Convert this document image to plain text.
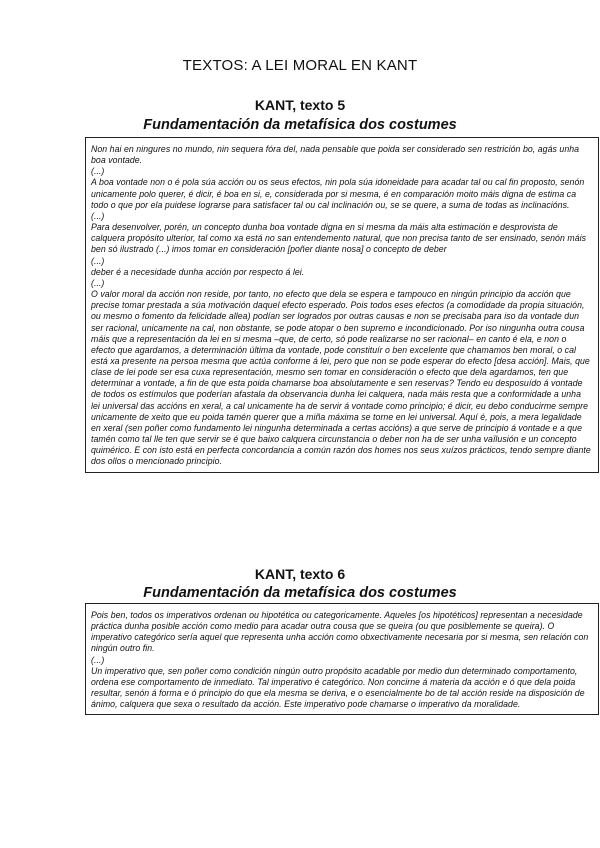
TEXTOS: A LEI MORAL EN KANT
KANT, texto 5
Fundamentación da metafísica dos costumes

Non hai en ningures no mundo, nin sequera fóra del, nada pensable que poida ser considerado sen restrición bo, agás unha boa vontade.

(...)

A boa vontade non o é pola súa acción ou os seus efectos, nin pola súa idoneidade para acadar tal ou cal fin proposto, senón unicamente polo querer, é dicir, é boa en si, e, considerada por si mesma, é en comparación moito máis digna de estima ca todo o que por ela puidese lograrse para satisfacer tal ou cal inclinación ou, se se quere, a suma de todas as inclinacións.

(...)

Para desenvolver, porén, un concepto dunha boa vontade digna en si mesma da máis alta estimación e desprovista de calquera propósito ulterior, tal como xa está no san entendemento natural, que non precisa tanto de ser ensinado, senón máis ben só ilustrado (...) imos tomar en consideración [poñer diante nosa] o concepto de deber

(...)

deber é a necesidade dunha acción por respecto á lei.

(...)

O valor moral da acción non reside, por tanto, no efecto que dela se espera e tampouco en ningún principio da acción que precise tomar prestada a súa motivación daquel efecto esperado. Pois todos eses efectos (a comodidade da propia situación, ou mesmo o fomento da felicidade allea) podían ser logrados por outras causas e non se precisaba para iso da vontade dun ser racional, unicamente na cal, non obstante, se pode atopar o ben supremo e incondicionado. Por iso ningunha outra cousa máis que a representación da lei en si mesma –que, de certo, só pode realizarse no ser racional– en canto é ela, e non o efecto que agardamos, a determinación última da vontade, pode constituír o ben excelente que chamamos ben moral, o cal está xa presente na persoa mesma que actúa conforme á lei, pero que non se pode esperar do efecto [desa acción]. Mais, que clase de lei pode ser esa cuxa representación, mesmo sen tomar en consideración o efecto que dela agardamos, ten que determinar a vontade, a fin de que esta poida chamarse boa absolutamente e sen reservas? Tendo eu desposuído á vontade de todos os estímulos que poderían afastala da observancia dunha lei calquera, nada máis resta que a conformidade a unha lei universal das accións en xeral, a cal unicamente ha de servir á vontade como principio; é dicir, eu debo conducirme sempre unicamente de xeito que eu poida tamén querer que a miña máxima se torne en lei universal. Aquí é, pois, a mera legalidade en xeral (sen poñer como fundamento lei ningunha determinada a certas accións) a que serve de principio á vontade e a que tamén como tal lle ten que servir se é que baixo calquera circunstancia o deber non ha de ser unha vaïlusión e un concepto quimérico. E con isto está en perfecta concordancia a común razón dos homes nos seus xuízos prácticos, tendo sempre diante dos ollos o mencionado principio.

KANT, texto 6
Fundamentación da metafísica dos costumes

Pois ben, todos os imperativos ordenan ou hipotética ou categoricamente. Aqueles [os hipotéticos] representan a necesidade práctica dunha posible acción como medio para acadar outra cousa que se queira (ou que posiblemente se queira). O imperativo categórico sería aquel que representa unha acción como obxectivamente necesaria por si mesma, sen relación con ningún outro fin.

(...)

Un imperativo que, sen poñer como condición ningún outro propósito acadable por medio dun determinado comportamento, ordena ese comportamento de inmediato. Tal imperativo é categórico. Non concirne á materia da acción e ó que dela poida resultar, senón á forma e ó principio do que ela mesma se deriva, e o esencialmente bo de tal acción reside na disposición de ánimo, calquera que sexa o resultado da acción. Este imperativo pode chamarse o imperativo da moralidade.
